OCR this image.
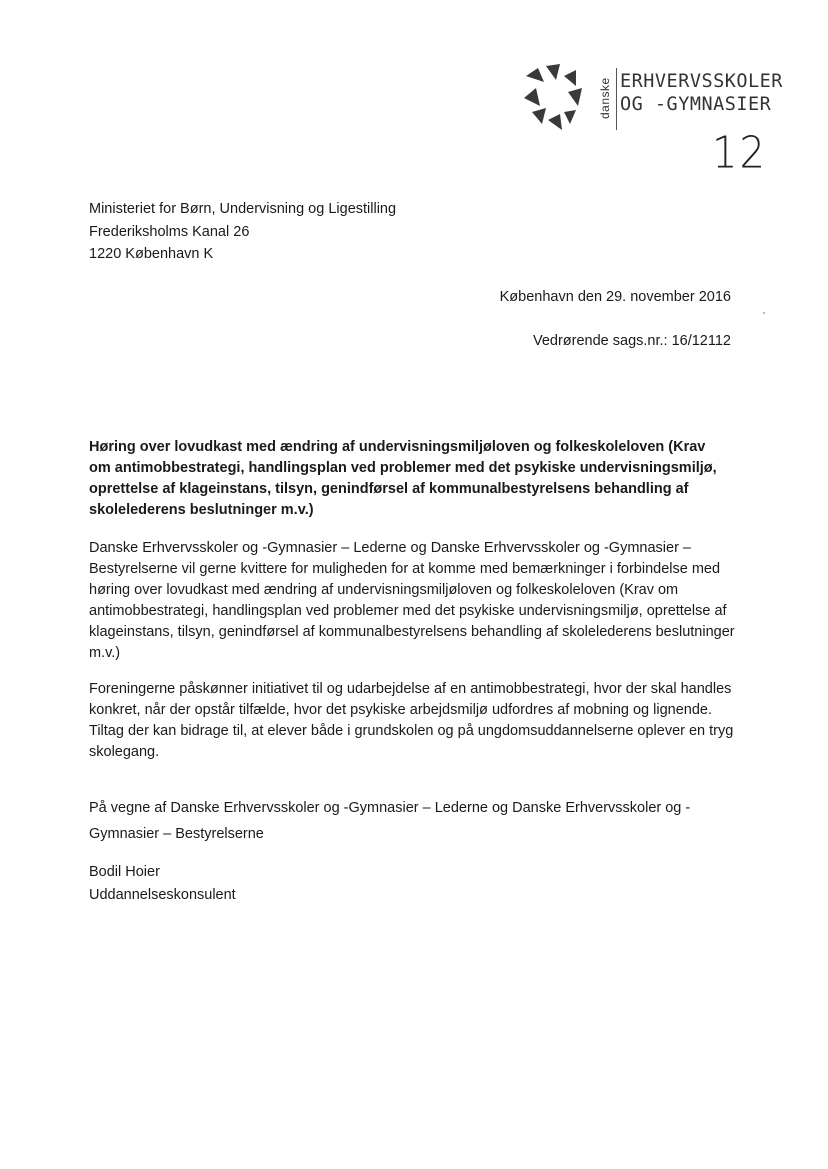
danske ERHVERVSSKOLER
OG -GYMNASIER
12
Ministeriet for Børn, Undervisning og Ligestilling
Frederiksholms Kanal 26
1220 København K
København den 29. november 2016
Vedrørende sags.nr.: 16/12112
Høring over lovudkast med ændring af undervisningsmiljøloven og folkeskoleloven (Krav om antimobbestrategi, handlingsplan ved problemer med det psykiske undervisningsmiljø, oprettelse af klageinstans, tilsyn, genindførsel af kommunalbestyrelsens behandling af skolelederens beslutninger m.v.)
Danske Erhvervsskoler og -Gymnasier – Lederne og Danske Erhvervsskoler og -Gymnasier – Bestyrelserne vil gerne kvittere for muligheden for at komme med bemærkninger i forbindelse med høring over lovudkast med ændring af undervisningsmiljøloven og folkeskoleloven (Krav om antimobbestrategi, handlingsplan ved problemer med det psykiske undervisningsmiljø, oprettelse af klageinstans, tilsyn, genindførsel af kommunalbestyrelsens behandling af skolelederens beslutninger m.v.)
Foreningerne påskønner initiativet til og udarbejdelse af en antimobbestrategi, hvor der skal handles konkret, når der opstår tilfælde, hvor det psykiske arbejdsmiljø udfordres af mobning og lignende. Tiltag der kan bidrage til, at elever både i grundskolen og på ungdomsuddannelserne oplever en tryg skolegang.
På vegne af Danske Erhvervsskoler og -Gymnasier – Lederne og Danske Erhvervsskoler og -Gymnasier – Bestyrelserne
Bodil Hoier
Uddannelseskonsulent
